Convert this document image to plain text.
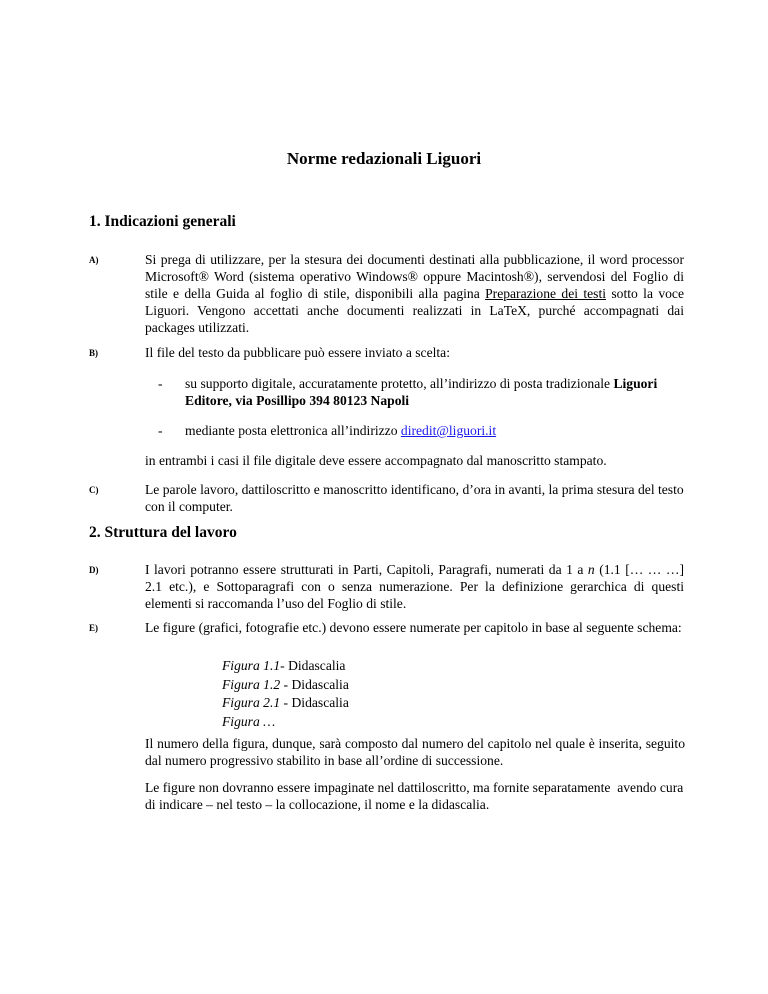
Norme redazionali Liguori
1. Indicazioni generali
A)	Si prega di utilizzare, per la stesura dei documenti destinati alla pubblicazione, il word processor Microsoft® Word (sistema operativo Windows® oppure Macintosh®), servendosi del Foglio di stile e della Guida al foglio di stile, disponibili alla pagina Preparazione dei testi sotto la voce Liguori. Vengono accettati anche documenti realizzati in LaTeX, purché accompagnati dai packages utilizzati.
B)	Il file del testo da pubblicare può essere inviato a scelta:
- su supporto digitale, accuratamente protetto, all’indirizzo di posta tradizionale Liguori Editore, via Posillipo 394 80123 Napoli
- mediante posta elettronica all’indirizzo diredit@liguori.it
in entrambi i casi il file digitale deve essere accompagnato dal manoscritto stampato.
C)	Le parole lavoro, dattiloscritto e manoscritto identificano, d’ora in avanti, la prima stesura del testo con il computer.
2. Struttura del lavoro
D)	I lavori potranno essere strutturati in Parti, Capitoli, Paragrafi, numerati da 1 a n (1.1 [… … …] 2.1 etc.), e Sottoparagrafi con o senza numerazione. Per la definizione gerarchica di questi elementi si raccomanda l’uso del Foglio di stile.
E)	Le figure (grafici, fotografie etc.) devono essere numerate per capitolo in base al seguente schema:
Figura 1.1- Didascalia
Figura 1.2 - Didascalia
Figura 2.1 - Didascalia
Figura …
Il numero della figura, dunque, sarà composto dal numero del capitolo nel quale è inserita, seguito dal numero progressivo stabilito in base all’ordine di successione.
Le figure non dovranno essere impaginate nel dattiloscritto, ma fornite separatamente  avendo cura di indicare – nel testo – la collocazione, il nome e la didascalia.
